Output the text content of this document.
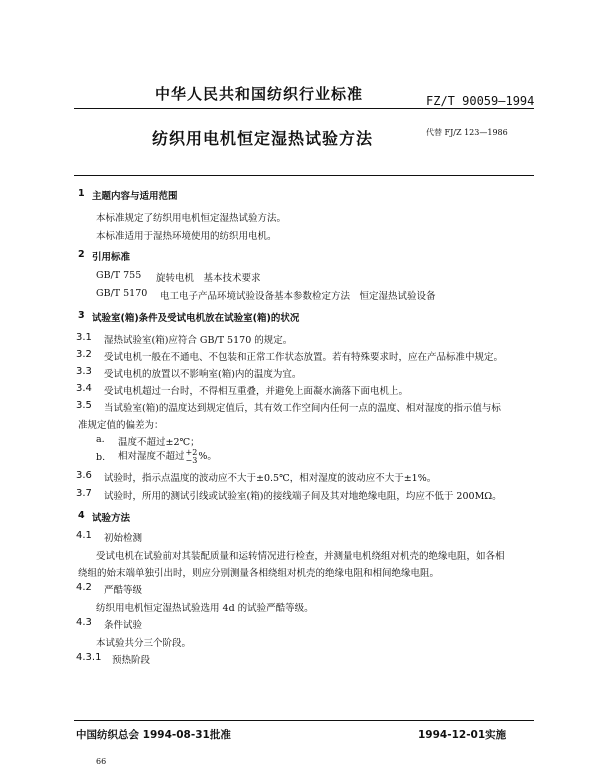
中华人民共和国纺织行业标准	FZ/T 90059—1994
纺织用电机恒定湿热试验方法	代替 FJ/Z 123—1986
1 主题内容与适用范围
本标准规定了纺织用电机恒定湿热试验方法。
本标准适用于湿热环境使用的纺织用电机。
2 引用标准
GB/T 755 旋转电机　基本技术要求
GB/T 5170 电工电子产品环境试验设备基本参数检定方法　恒定湿热试验设备
3 试验室(箱)条件及受试电机放在试验室(箱)的状况
3.1 湿热试验室(箱)应符合 GB/T 5170 的规定。
3.2 受试电机一般在不通电、不包装和正常工作状态放置。若有特殊要求时，应在产品标准中规定。
3.3 受试电机的放置以不影响室(箱)内的温度为宜。
3.4 受试电机超过一台时，不得相互重叠，并避免上面凝水滴落下面电机上。
3.5 当试验室(箱)的温度达到规定值后，其有效工作空间内任何一点的温度、相对湿度的指示值与标
准规定值的偏差为：
a. 温度不超过±2℃；
b. 相对湿度不超过 +2
−3 %。
3.6 试验时，指示点温度的波动应不大于±0.5℃，相对湿度的波动应不大于±1%。
3.7 试验时，所用的测试引线或试验室(箱)的接线端子间及其对地绝缘电阻，均应不低于 200MΩ。
4 试验方法
4.1 初始检测
受试电机在试验前对其装配质量和运转情况进行检查，并测量电机绕组对机壳的绝缘电阻，如各相
绕组的始末端单独引出时，则应分别测量各相绕组对机壳的绝缘电阻和相间绝缘电阻。
4.2 严酷等级
纺织用电机恒定湿热试验选用 4d 的试验严酷等级。
4.3 条件试验
本试验共分三个阶段。
4.3.1 预热阶段
中国纺织总会 1994-08-31批准	1994-12-01实施
66
